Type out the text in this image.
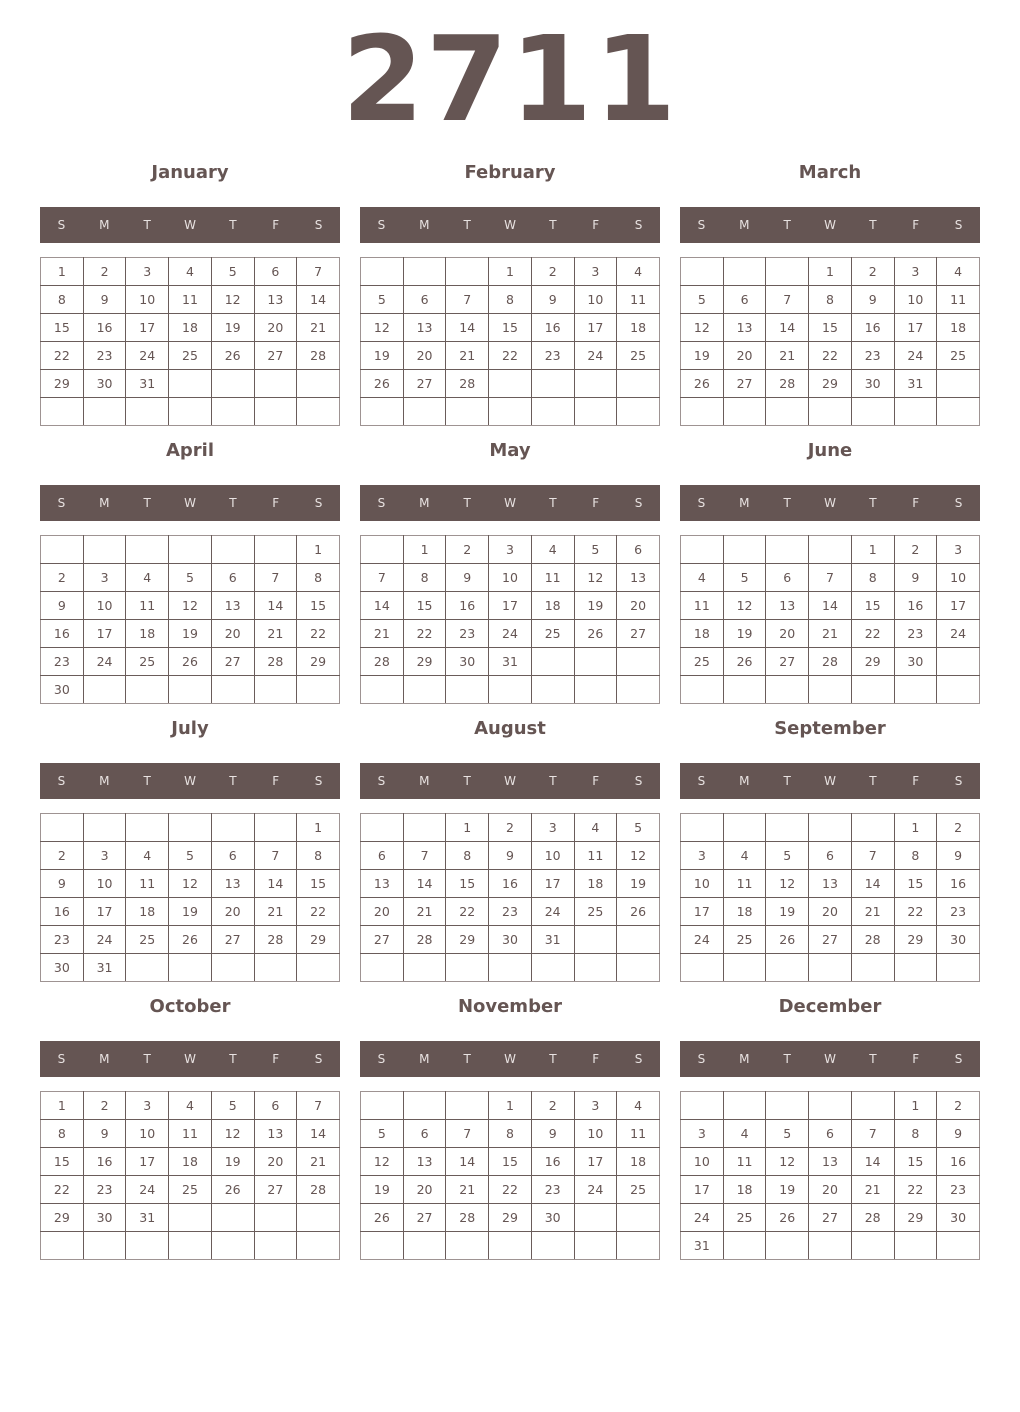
2711
January
S	M	T	W	T	F	S
1	2	3	4	5	6	7
8	9	10	11	12	13	14
15	16	17	18	19	20	21
22	23	24	25	26	27	28
29	30	31				

February
S	M	T	W	T	F	S
			1	2	3	4
5	6	7	8	9	10	11
12	13	14	15	16	17	18
19	20	21	22	23	24	25
26	27	28				

March
S	M	T	W	T	F	S
			1	2	3	4
5	6	7	8	9	10	11
12	13	14	15	16	17	18
19	20	21	22	23	24	25
26	27	28	29	30	31	

April
S	M	T	W	T	F	S
						1
2	3	4	5	6	7	8
9	10	11	12	13	14	15
16	17	18	19	20	21	22
23	24	25	26	27	28	29
30						
May
S	M	T	W	T	F	S
	1	2	3	4	5	6
7	8	9	10	11	12	13
14	15	16	17	18	19	20
21	22	23	24	25	26	27
28	29	30	31			

June
S	M	T	W	T	F	S
				1	2	3
4	5	6	7	8	9	10
11	12	13	14	15	16	17
18	19	20	21	22	23	24
25	26	27	28	29	30	

July
S	M	T	W	T	F	S
						1
2	3	4	5	6	7	8
9	10	11	12	13	14	15
16	17	18	19	20	21	22
23	24	25	26	27	28	29
30	31					
August
S	M	T	W	T	F	S
		1	2	3	4	5
6	7	8	9	10	11	12
13	14	15	16	17	18	19
20	21	22	23	24	25	26
27	28	29	30	31		

September
S	M	T	W	T	F	S
					1	2
3	4	5	6	7	8	9
10	11	12	13	14	15	16
17	18	19	20	21	22	23
24	25	26	27	28	29	30

October
S	M	T	W	T	F	S
1	2	3	4	5	6	7
8	9	10	11	12	13	14
15	16	17	18	19	20	21
22	23	24	25	26	27	28
29	30	31				

November
S	M	T	W	T	F	S
			1	2	3	4
5	6	7	8	9	10	11
12	13	14	15	16	17	18
19	20	21	22	23	24	25
26	27	28	29	30		

December
S	M	T	W	T	F	S
					1	2
3	4	5	6	7	8	9
10	11	12	13	14	15	16
17	18	19	20	21	22	23
24	25	26	27	28	29	30
31						
